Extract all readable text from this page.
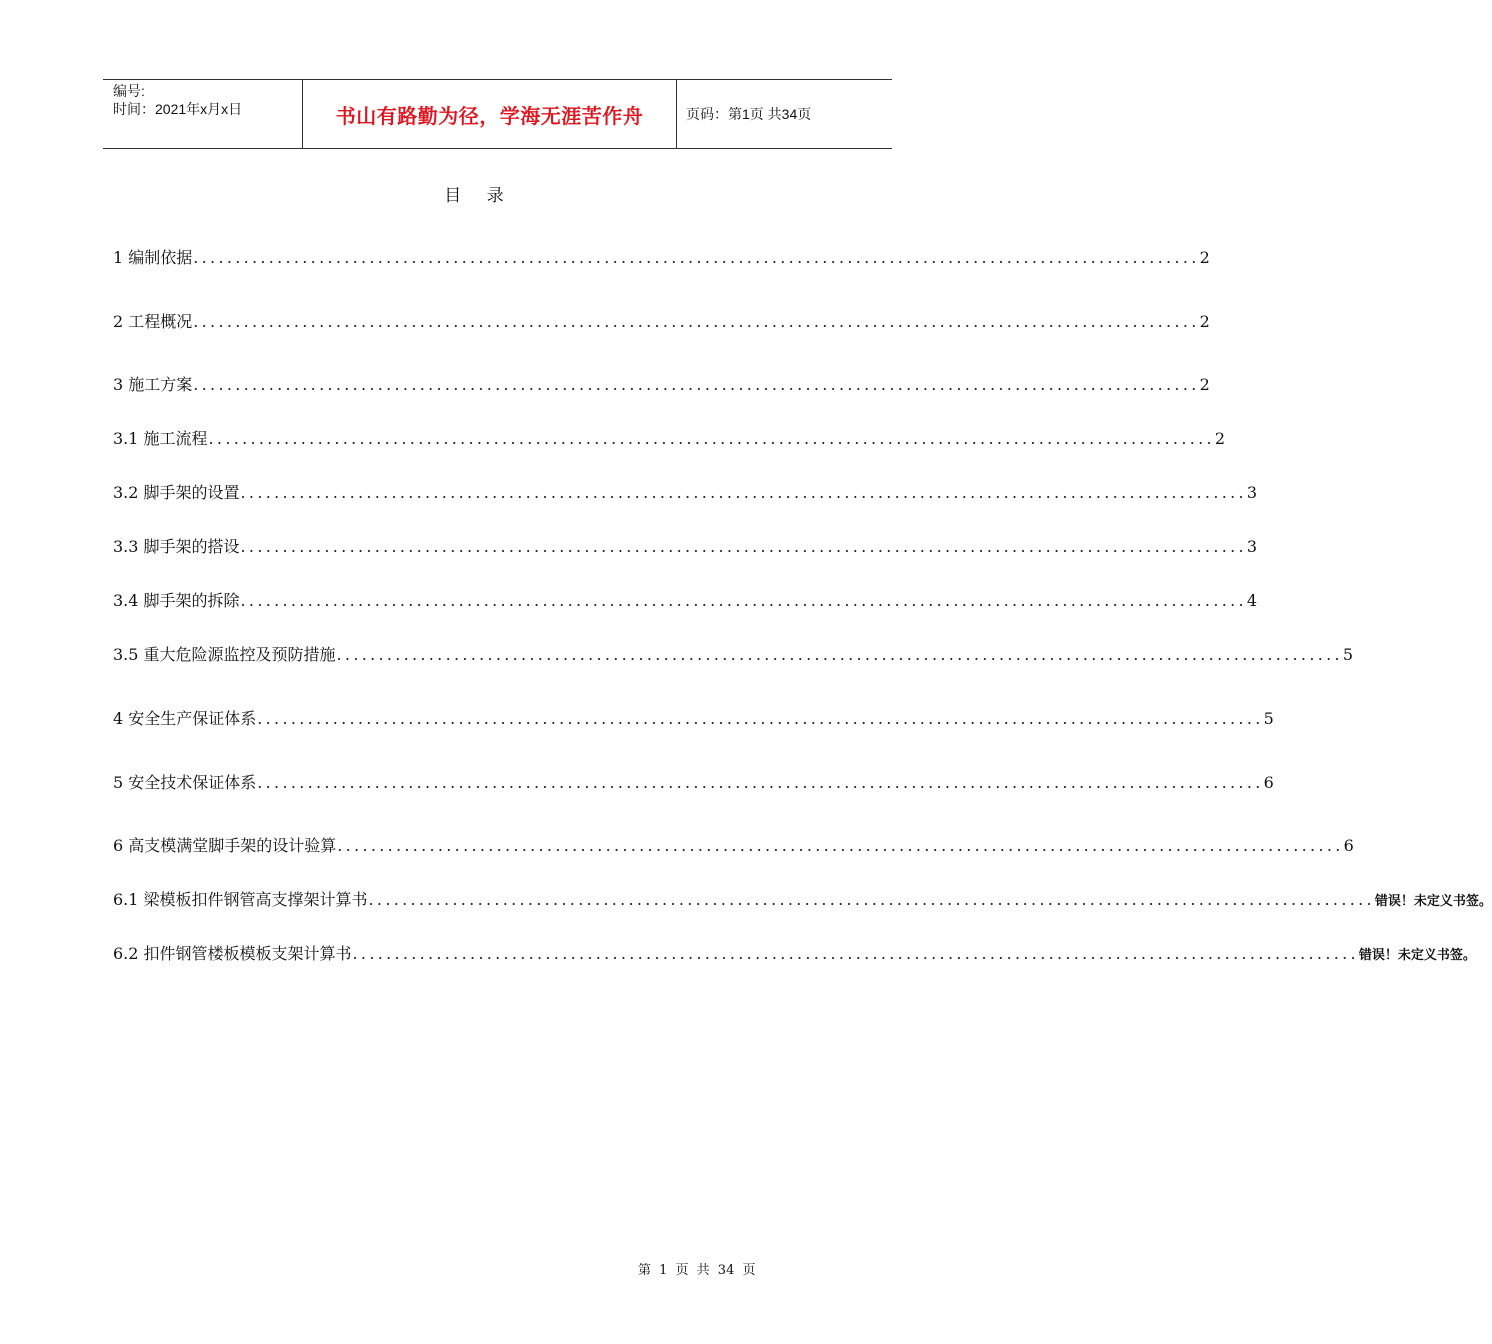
编号:
时间：2021年x月x日	书山有路勤为径，学海无涯苦作舟	页码：第1页 共34页
目 录
1 编制依据 ........................................................................................................................ 2
2 工程概况 ........................................................................................................................ 2
3 施工方案 ........................................................................................................................ 2
3.1 施工流程 ........................................................................................................................ 2
3.2 脚手架的设置 ........................................................................................................................ 3
3.3 脚手架的搭设 ........................................................................................................................ 3
3.4 脚手架的拆除 ........................................................................................................................ 4
3.5 重大危险源监控及预防措施 ........................................................................................................................ 5
4 安全生产保证体系 ........................................................................................................................ 5
5 安全技术保证体系 ........................................................................................................................ 6
6 高支模满堂脚手架的设计验算 ........................................................................................................................ 6
6.1 梁模板扣件钢管高支撑架计算书 ........................................................................................................................ 错误！未定义书签。
6.2 扣件钢管楼板模板支架计算书 ........................................................................................................................ 错误！未定义书签。
第 1 页 共 34 页
